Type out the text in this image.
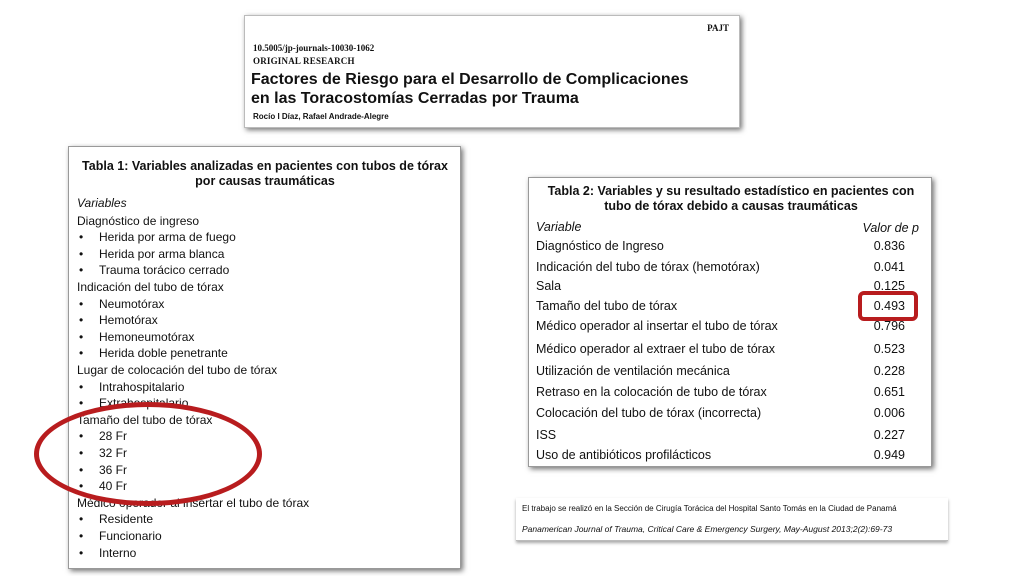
PAJT
10.5005/jp-journals-10030-1062
ORIGINAL RESEARCH
Factores de Riesgo para el Desarrollo de Complicaciones
en las Toracostomías Cerradas por Trauma
Rocío I Díaz, Rafael Andrade-Alegre
Tabla 1: Variables analizadas en pacientes con tubos de tórax
por causas traumáticas
Variables
Diagnóstico de ingreso
• Herida por arma de fuego
• Herida por arma blanca
• Trauma torácico cerrado
Indicación del tubo de tórax
• Neumotórax
• Hemotórax
• Hemoneumotórax
• Herida doble penetrante
Lugar de colocación del tubo de tórax
• Intrahospitalario
• Extrahospitalario
Tamaño del tubo de tórax
• 28 Fr
• 32 Fr
• 36 Fr
• 40 Fr
Médico operador al insertar el tubo de tórax
• Residente
• Funcionario
• Interno
Tabla 2: Variables y su resultado estadístico en pacientes con
tubo de tórax debido a causas traumáticas
Variable	Valor de p
Diagnóstico de Ingreso	0.836
Indicación del tubo de tórax (hemotórax)	0.041
Sala	0.125
Tamaño del tubo de tórax	0.493
Médico operador al insertar el tubo de tórax	0.796
Médico operador al extraer el tubo de tórax	0.523
Utilización de ventilación mecánica	0.228
Retraso en la colocación de tubo de tórax	0.651
Colocación del tubo de tórax (incorrecta)	0.006
ISS	0.227
Uso de antibióticos profilácticos	0.949
El trabajo se realizó en la Sección de Cirugía Torácica del Hospital Santo Tomás en la Ciudad de Panamá
Panamerican Journal of Trauma, Critical Care & Emergency Surgery, May-August 2013;2(2):69-73
